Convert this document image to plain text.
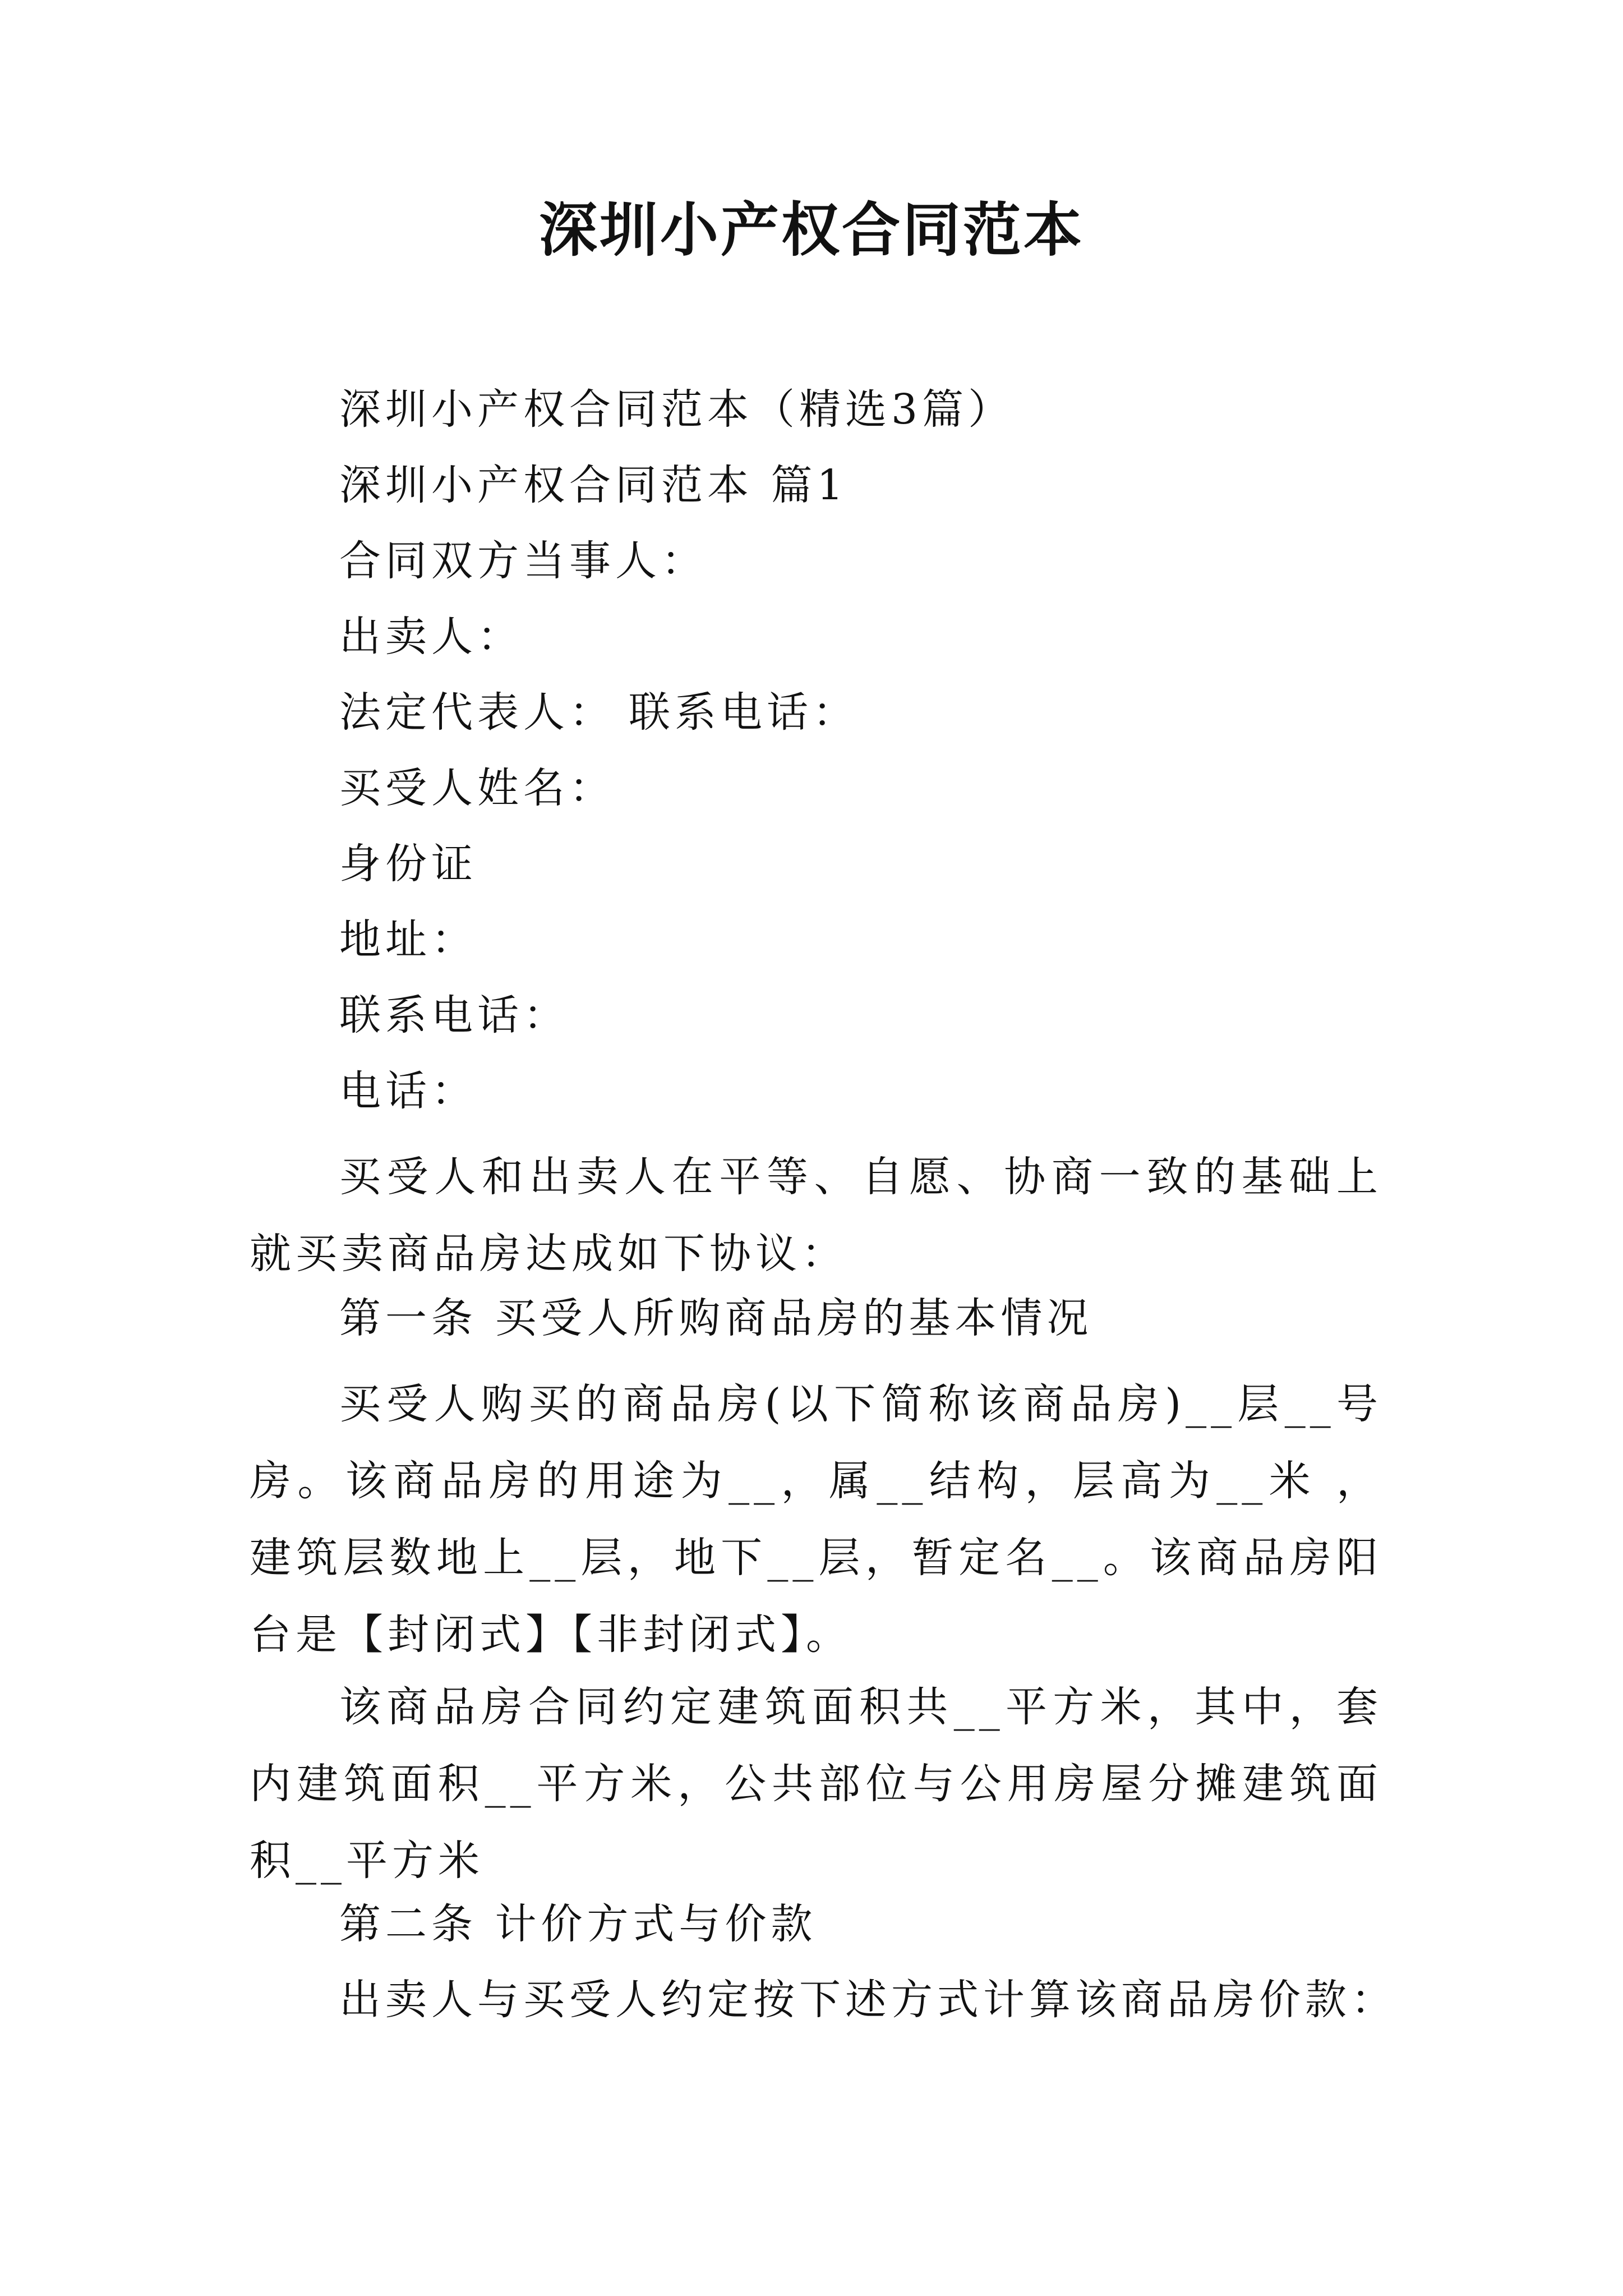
深圳小产权合同范本
深圳小产权合同范本（精选3篇）
深圳小产权合同范本 篇1
合同双方当事人：
出卖人：
法定代表人： 联系电话：
买受人姓名：
身份证
地址：
联系电话：
电话：
买受人和出卖人在平等、自愿、协商一致的基础上就买卖商品房达成如下协议：
第一条 买受人所购商品房的基本情况
买受人购买的商品房(以下简称该商品房)__层__号房。该商品房的用途为__，属__结构，层高为__米 ，建筑层数地上__层，地下__层，暂定名__。该商品房阳台是【封闭式】【非封闭式】。
该商品房合同约定建筑面积共__平方米，其中，套内建筑面积__平方米，公共部位与公用房屋分摊建筑面积__平方米
第二条 计价方式与价款
出卖人与买受人约定按下述方式计算该商品房价款：
